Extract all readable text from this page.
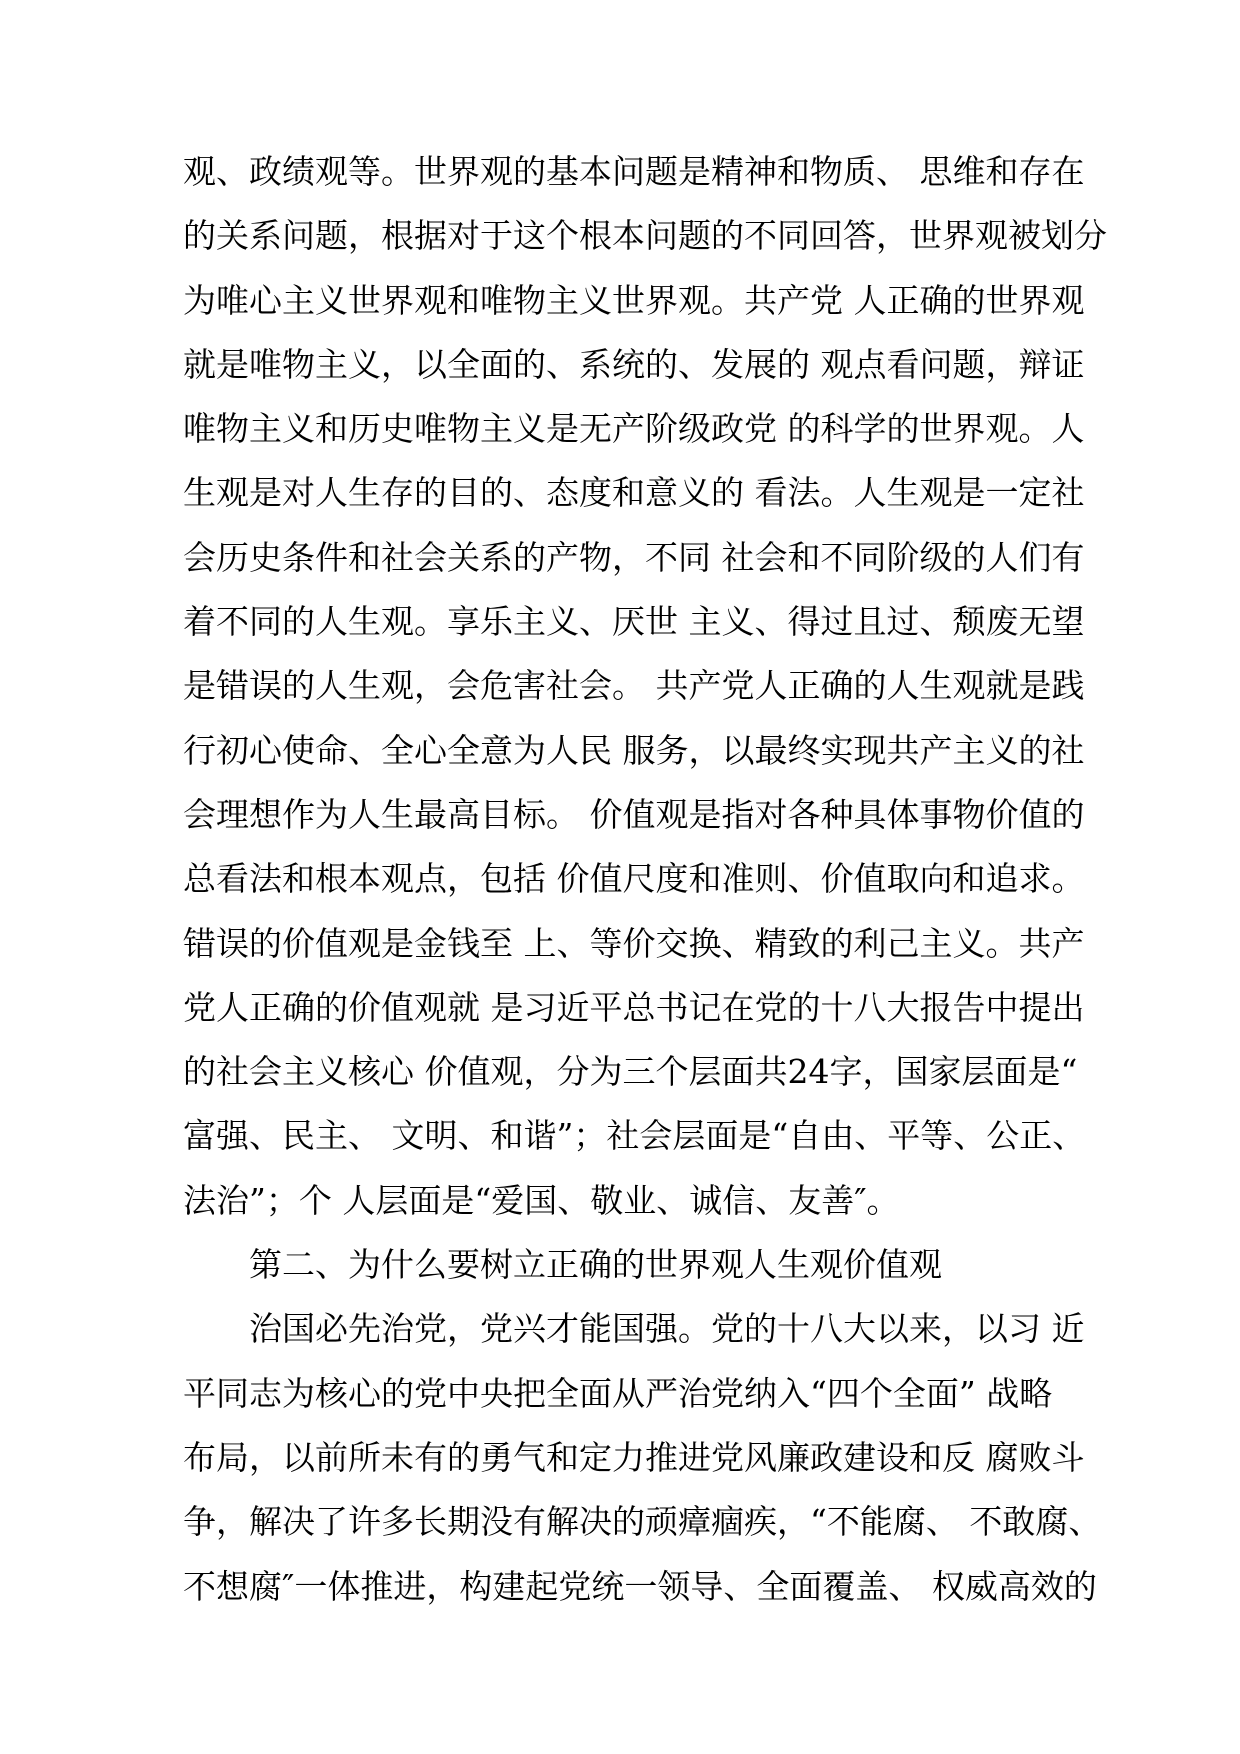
观、政绩观等。世界观的基本问题是精神和物质、 思维和存在
的关系问题，根据对于这个根本问题的不同回答，世界观被划分
为唯心主义世界观和唯物主义世界观。共产党 人正确的世界观
就是唯物主义，以全面的、系统的、发展的 观点看问题，辩证
唯物主义和历史唯物主义是无产阶级政党 的科学的世界观。人
生观是对人生存的目的、态度和意义的 看法。人生观是一定社
会历史条件和社会关系的产物，不同 社会和不同阶级的人们有
着不同的人生观。享乐主义、厌世 主义、得过且过、颓废无望
是错误的人生观，会危害社会。 共产党人正确的人生观就是践
行初心使命、全心全意为人民 服务，以最终实现共产主义的社
会理想作为人生最高目标。 价值观是指对各种具体事物价值的
总看法和根本观点，包括 价值尺度和准则、价值取向和追求。
错误的价值观是金钱至 上、等价交换、精致的利己主义。共产
党人正确的价值观就 是习近平总书记在党的十八大报告中提出
的社会主义核心 价值观，分为三个层面共24字，国家层面是“
富强、民主、 文明、和谐”；社会层面是“自由、平等、公正、
法治”；个 人层面是“爱国、敬业、诚信、友善″。
第二、为什么要树立正确的世界观人生观价值观
治国必先治党，党兴才能国强。党的十八大以来，以习 近
平同志为核心的党中央把全面从严治党纳入“四个全面” 战略
布局，以前所未有的勇气和定力推进党风廉政建设和反 腐败斗
争，解决了许多长期没有解决的顽瘴痼疾，“不能腐、 不敢腐、
不想腐″一体推进，构建起党统一领导、全面覆盖、 权威高效的
